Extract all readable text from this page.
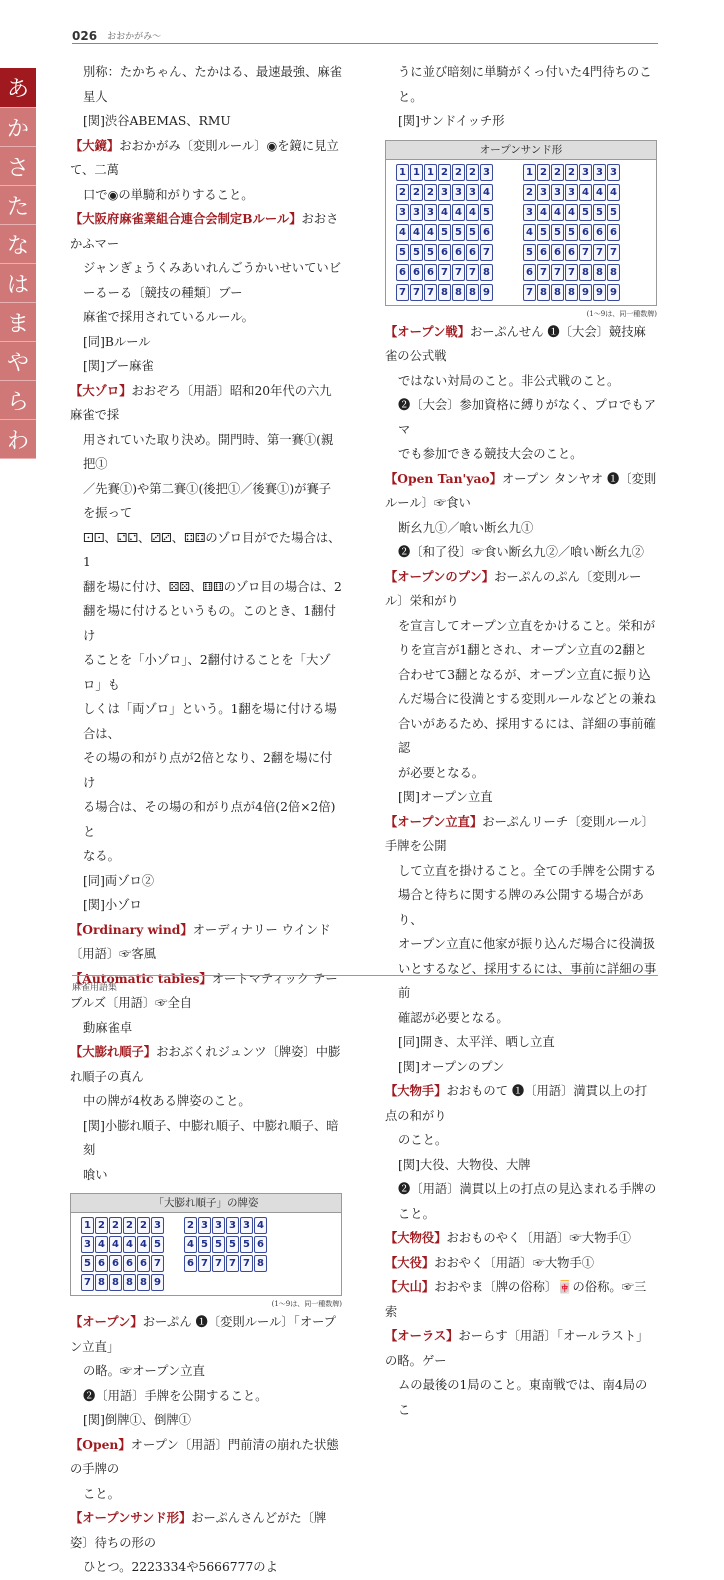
026 おおかがみ〜
あ
か
さ
た
な
は
ま
や
ら
わ
別称：たかちゃん、たかはる、最速最強、麻雀星人
[関]渋谷ABEMAS、RMU
【大鏡】おおかがみ〔変則ルール〕◉を鏡に見立て、二萬
口で◉の単騎和がりすること。
【大阪府麻雀業組合連合会制定Bルール】おおさかふマー
ジャンぎょうくみあいれんごうかいせいていビーるーる〔競技の種類〕ブー
麻雀で採用されているルール。
[同]Bルール
[関]ブー麻雀
【大ゾロ】おおぞろ〔用語〕昭和20年代の六九麻雀で採
用されていた取り決め。開門時、第一賽①(親把①
／先賽①)や第二賽①(後把①／後賽①)が賽子を振って
⚀⚀、⚁⚁、⚂⚂、⚃⚃のゾロ目がでた場合は、1
翻を場に付け、⚄⚄、⚅⚅のゾロ目の場合は、2
翻を場に付けるというもの。このとき、1翻付け
ることを「小ゾロ」、2翻付けることを「大ゾロ」も
しくは「両ゾロ」という。1翻を場に付ける場合は、
その場の和がり点が2倍となり、2翻を場に付け
る場合は、その場の和がり点が4倍(2倍×2倍)と
なる。
[同]両ゾロ②
[関]小ゾロ
【Ordinary wind】オーディナリー ウインド〔用語〕☞客風
【Automatic tables】オートマティック テーブルズ〔用語〕☞全自
動麻雀卓
【大膨れ順子】おおぶくれジュンツ〔牌姿〕中膨れ順子の真ん
中の牌が4枚ある牌姿のこと。
[関]小膨れ順子、中膨れ順子、中膨れ順子、暗刻
喰い
「大膨れ順子」の牌姿
1 2 2 2 2 3	2 3 3 3 3 4
3 4 4 4 4 5	4 5 5 5 5 6
5 6 6 6 6 7	6 7 7 7 7 8
7 8 8 8 8 9
(1〜9は、同一種数牌)
【オープン】おーぷん ❶〔変則ルール〕「オープン立直」
の略。☞オープン立直
❷〔用語〕手牌を公開すること。
[関]倒牌①、倒牌①
【Open】オープン〔用語〕門前清の崩れた状態の手牌の
こと。
【オープンサンド形】おーぷんさんどがた〔牌姿〕待ちの形の
ひとつ。2223334や5666777のよ
うに並び暗刻に単騎がくっ付いた4門待ちのこと。
[関]サンドイッチ形
オープンサンド形
1 1 1 2 2 2 3	1 2 2 2 3 3 3
2 2 2 3 3 3 4	2 3 3 3 4 4 4
3 3 3 4 4 4 5	3 4 4 4 5 5 5
4 4 4 5 5 5 6	4 5 5 5 6 6 6
5 5 5 6 6 6 7	5 6 6 6 7 7 7
6 6 6 7 7 7 8	6 7 7 7 8 8 8
7 7 7 8 8 8 9	7 8 8 8 9 9 9
(1〜9は、同一種数牌)
【オープン戦】おーぷんせん ❶〔大会〕競技麻雀の公式戦
ではない対局のこと。非公式戦のこと。
❷〔大会〕参加資格に縛りがなく、プロでもアマ
でも参加できる競技大会のこと。
【Open Tan'yao】オープン タンヤオ ❶〔変則ルール〕☞食い
断幺九①／喰い断幺九①
❷〔和了役〕☞食い断幺九②／喰い断幺九②
【オープンのプン】おーぷんのぷん〔変則ルール〕栄和がり
を宣言してオープン立直をかけること。栄和が
りを宣言が1翻とされ、オープン立直の2翻と
合わせて3翻となるが、オープン立直に振り込
んだ場合に役満とする変則ルールなどとの兼ね
合いがあるため、採用するには、詳細の事前確認
が必要となる。
[関]オープン立直
【オープン立直】おーぷんリーチ〔変則ルール〕手牌を公開
して立直を掛けること。全ての手牌を公開する
場合と待ちに関する牌のみ公開する場合があり、
オープン立直に他家が振り込んだ場合に役満扱
いとするなど、採用するには、事前に詳細の事前
確認が必要となる。
[同]開き、太平洋、晒し立直
[関]オープンのプン
【大物手】おおものて ❶〔用語〕満貫以上の打点の和がり
のこと。
[関]大役、大物役、大牌
❷〔用語〕満貫以上の打点の見込まれる手牌のこと。
【大物役】おおものやく〔用語〕☞大物手①
【大役】おおやく〔用語〕☞大物手①
【大山】おおやま〔牌の俗称〕🀄の俗称。☞三索
【オーラス】おーらす〔用語〕「オールラスト」の略。ゲー
ムの最後の1局のこと。東南戦では、南4局のこ
麻雀用語集
